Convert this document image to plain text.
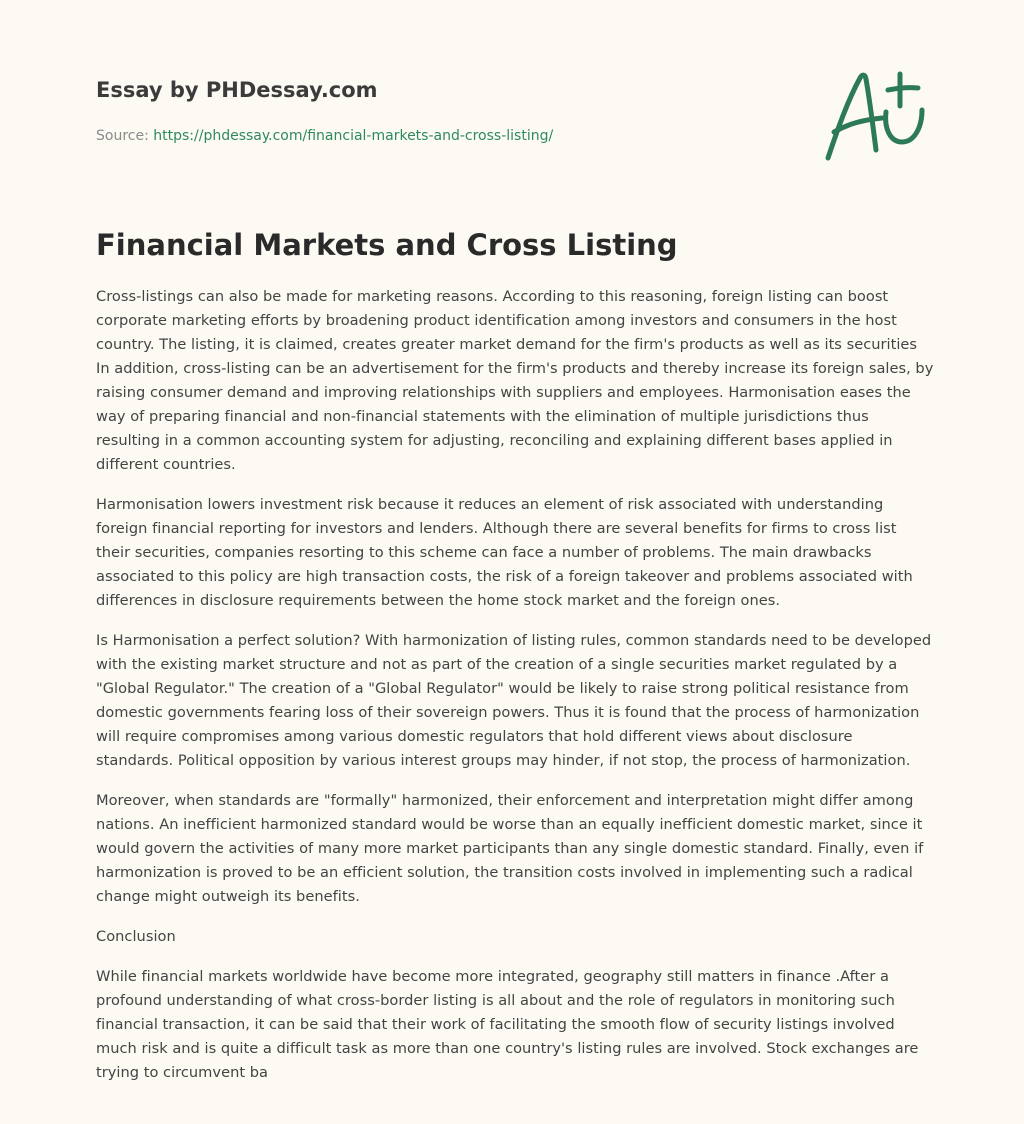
Essay by PHDessay.com

Source: https://phdessay.com/financial-markets-and-cross-listing/
Financial Markets and Cross Listing

Cross-listings can also be made for marketing reasons. According to this reasoning, foreign listing can boost corporate marketing efforts by broadening product identification among investors and consumers in the host country. The listing, it is claimed, creates greater market demand for the firm's products as well as its securities In addition, cross-listing can be an advertisement for the firm's products and thereby increase its foreign sales, by raising consumer demand and improving relationships with suppliers and employees. Harmonisation eases the way of preparing financial and non-financial statements with the elimination of multiple jurisdictions thus resulting in a common accounting system for adjusting, reconciling and explaining different bases applied in different countries.

Harmonisation lowers investment risk because it reduces an element of risk associated with understanding foreign financial reporting for investors and lenders. Although there are several benefits for firms to cross list their securities, companies resorting to this scheme can face a number of problems. The main drawbacks associated to this policy are high transaction costs, the risk of a foreign takeover and problems associated with differences in disclosure requirements between the home stock market and the foreign ones.

Is Harmonisation a perfect solution? With harmonization of listing rules, common standards need to be developed with the existing market structure and not as part of the creation of a single securities market regulated by a "Global Regulator." The creation of a "Global Regulator" would be likely to raise strong political resistance from domestic governments fearing loss of their sovereign powers. Thus it is found that the process of harmonization will require compromises among various domestic regulators that hold different views about disclosure standards. Political opposition by various interest groups may hinder, if not stop, the process of harmonization.

Moreover, when standards are "formally" harmonized, their enforcement and interpretation might differ among nations. An inefficient harmonized standard would be worse than an equally inefficient domestic market, since it would govern the activities of many more market participants than any single domestic standard. Finally, even if harmonization is proved to be an efficient solution, the transition costs involved in implementing such a radical change might outweigh its benefits.

Conclusion

While financial markets worldwide have become more integrated, geography still matters in finance .After a profound understanding of what cross-border listing is all about and the role of regulators in monitoring such financial transaction, it can be said that their work of facilitating the smooth flow of security listings involved much risk and is quite a difficult task as more than one country's listing rules are involved. Stock exchanges are trying to circumvent ba
